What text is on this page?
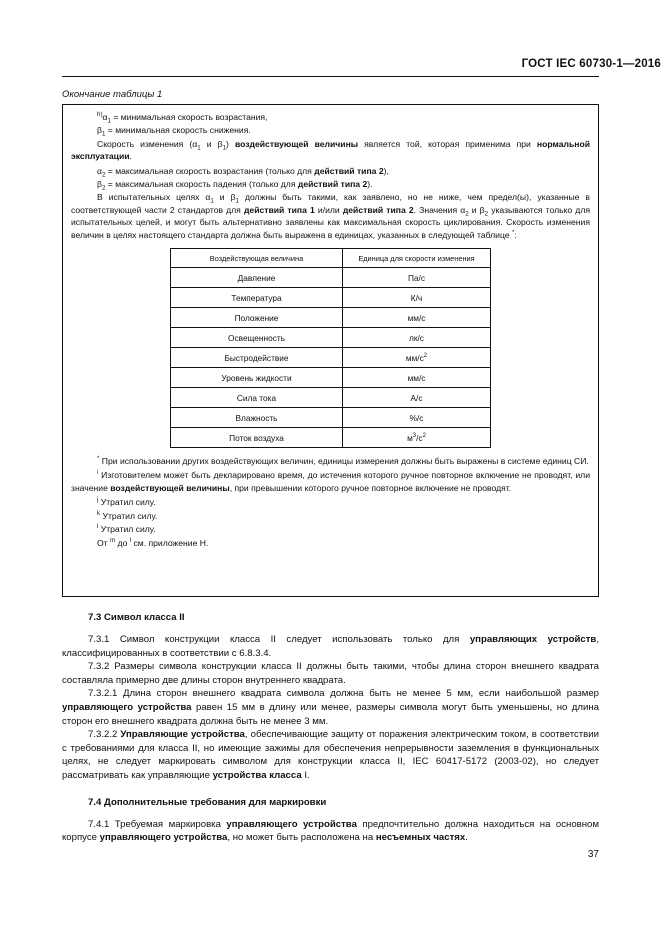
ГОСТ IEC 60730-1—2016
Окончание таблицы 1

$^{h)}\alpha_1$ = минимальная скорость возрастания,

$\beta_1$ = минимальная скорость снижения.

Скорость изменения ($\alpha_1$ и $\beta_1$) воздействующей величины является той, которая применима при нормальной эксплуатации.

$\alpha_2$ = максимальная скорость возрастания (только для действий типа 2),

$\beta_2$ = максимальная скорость падения (только для действий типа 2).

В испытательных целях $\alpha_1$ и $\beta_1$ должны быть такими, как заявлено, но не ниже, чем предел(ы), указанные в соответствующей части 2 стандартов для действий типа 1 и/или действий типа 2. Значения $\alpha_2$ и $\beta_2$ указываются только для испытательных целей, и могут быть альтернативно заявлены как максимальная скорость циклирования. Скорость изменения величин в целях настоящего стандарта должна быть выражена в единицах, указанных в следующей таблице *:

Воздействующая величина	Единица для скорости изменения
Давление	Па/с
Температура	К/ч
Положение	мм/с
Освещенность	лк/с
Быстродействие	$мм/с^2$
Уровень жидкости	мм/с
Сила тока	А/с
Влажность	%/с
Поток воздуха	$м^3/с^2$

* При использовании других воздействующих величин, единицы измерения должны быть выражены в системе единиц СИ.

$^i$ Изготовителем может быть декларировано время, до истечения которого ручное повторное включение не проводят, или значение воздействующей величины, при превышении которого ручное повторное включение не проводят.

$^j$ Утратил силу.

$^k$ Утратил силу.

$^l$ Утратил силу.

От $^m$ до $^l$ см. приложение Н.

7.3 Символ класса II

7.3.1 Символ конструкции класса II следует использовать только для управляющих устройств, классифицированных в соответствии с 6.8.3.4.

7.3.2 Размеры символа конструкции класса II должны быть такими, чтобы длина сторон внешнего квадрата составляла примерно две длины сторон внутреннего квадрата.

7.3.2.1 Длина сторон внешнего квадрата символа должна быть не менее 5 мм, если наибольшой размер управляющего устройства равен 15 мм в длину или менее, размеры символа могут быть уменьшены, но длина сторон его внешнего квадрата должна быть не менее 3 мм.

7.3.2.2 Управляющие устройства, обеспечивающие защиту от поражения электрическим током, в соответствии с требованиями для класса II, но имеющие зажимы для обеспечения непрерывности заземления в функциональных целях, не следует маркировать символом для конструкции класса II, IEC 60417-5172 (2003-02), но следует рассматривать как управляющие устройства класса I.

7.4 Дополнительные требования для маркировки

7.4.1 Требуемая маркировка управляющего устройства предпочтительно должна находиться на основном корпусе управляющего устройства, но может быть расположена на несъемных частях.

37
